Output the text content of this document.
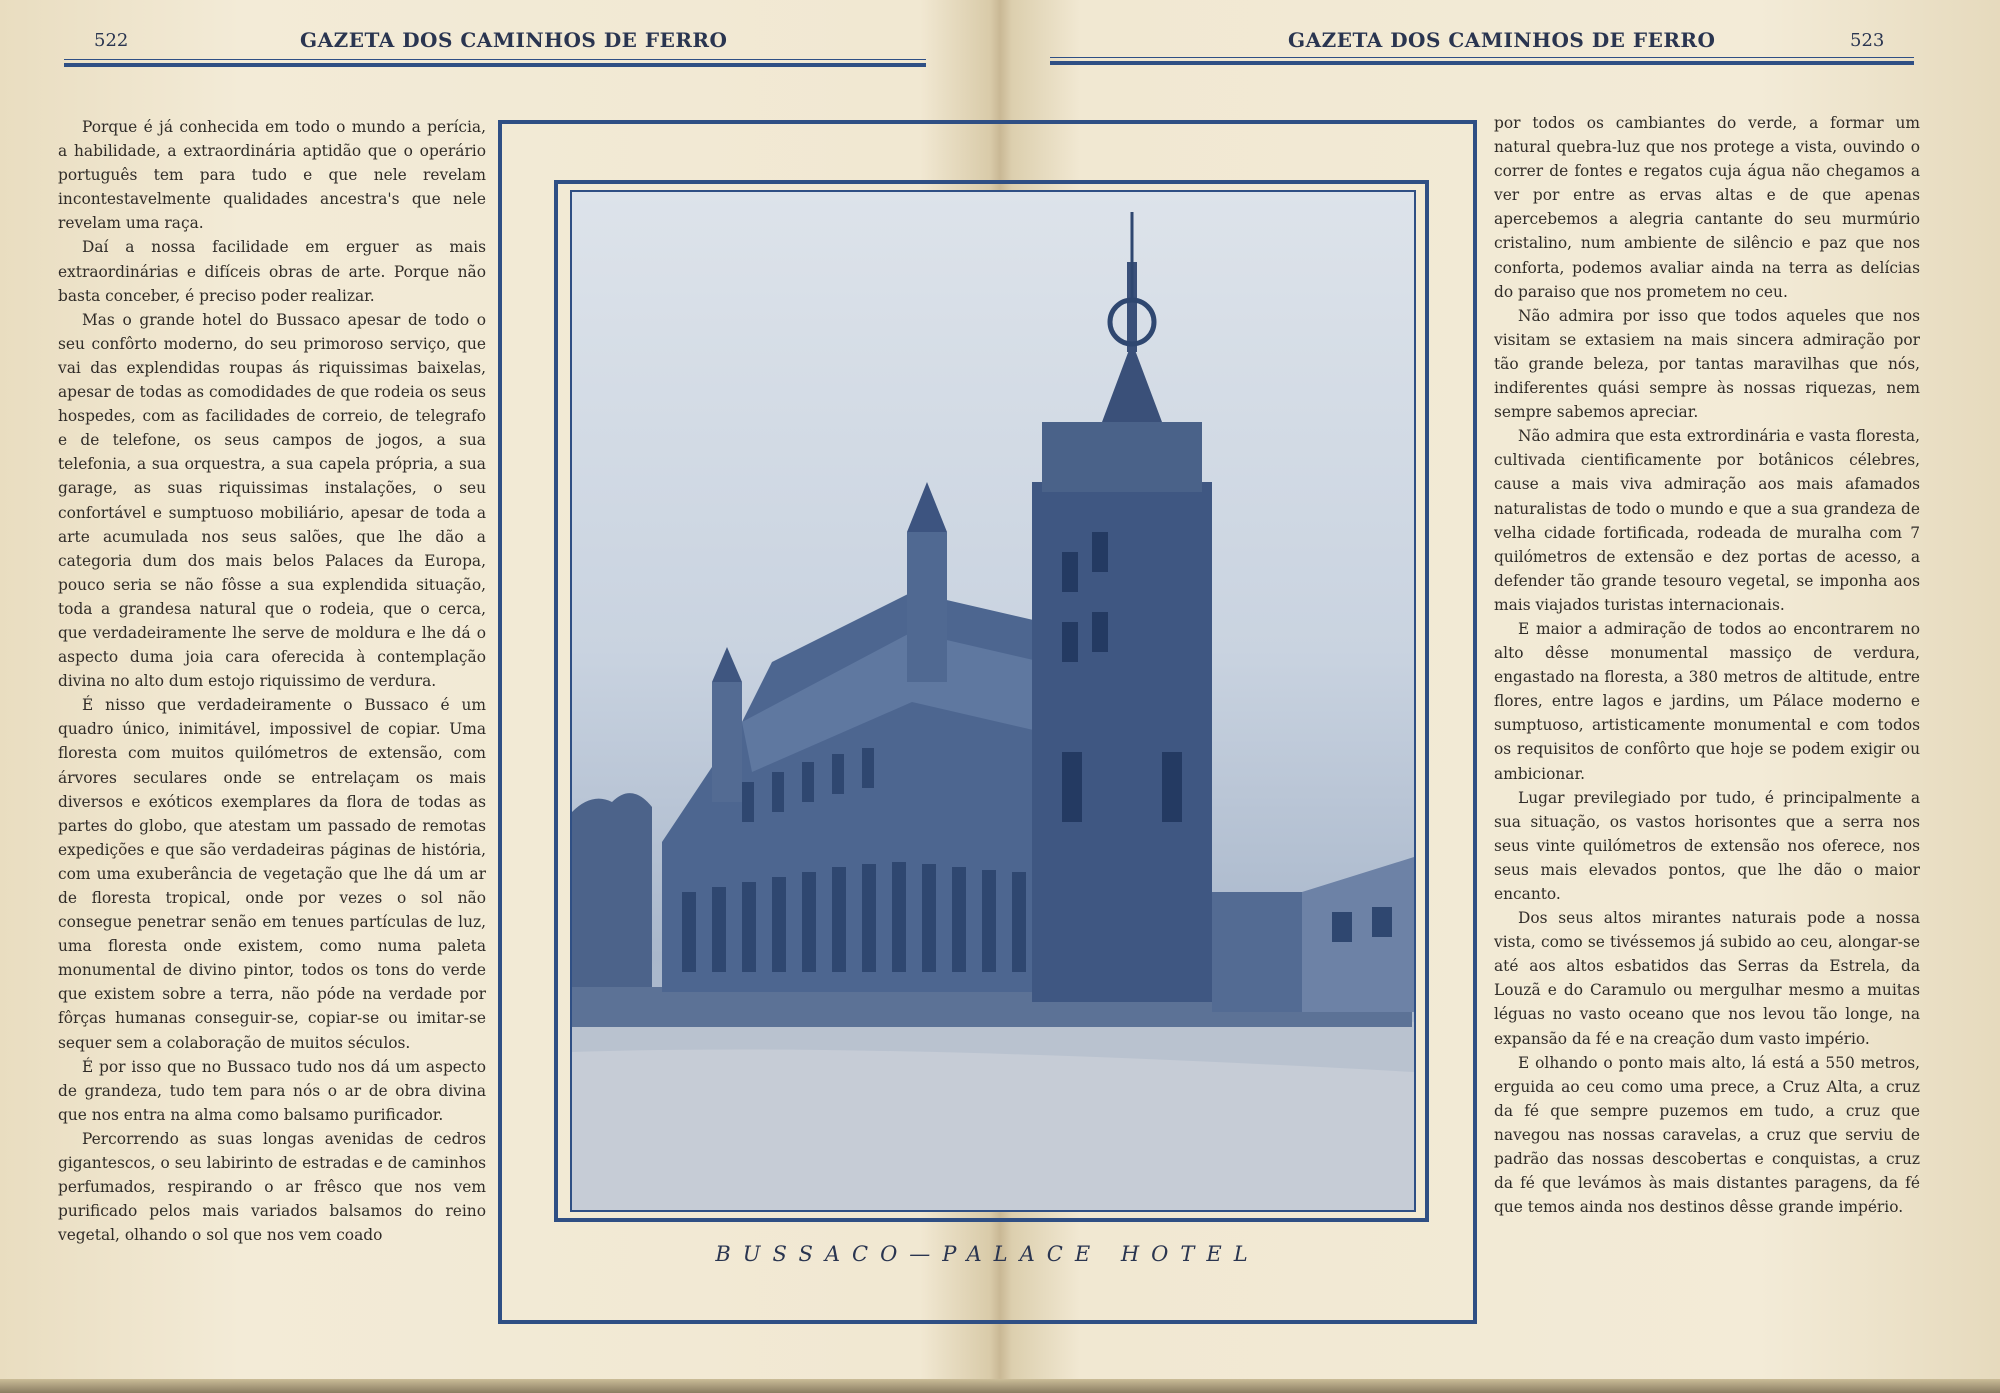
522	GAZETA DOS CAMINHOS DE FERRO	GAZETA DOS CAMINHOS DE FERRO	523

Porque é já conhecida em todo o mundo a perícia, a habilidade, a extraordinária aptidão que o operário português tem para tudo e que nele revelam incontestavelmente qualidades ancestra's que nele revelam uma raça.

Daí a nossa facilidade em erguer as mais extraordinárias e difíceis obras de arte. Porque não basta conceber, é preciso poder realizar.

Mas o grande hotel do Bussaco apesar de todo o seu confôrto moderno, do seu primoroso serviço, que vai das explendidas roupas ás riquissimas baixelas, apesar de todas as comodidades de que rodeia os seus hospedes, com as facilidades de correio, de telegrafo e de telefone, os seus campos de jogos, a sua telefonia, a sua orquestra, a sua capela própria, a sua garage, as suas riquissimas instalações, o seu confortável e sumptuoso mobiliário, apesar de toda a arte acumulada nos seus salões, que lhe dão a categoria dum dos mais belos Palaces da Europa, pouco seria se não fôsse a sua explendida situação, toda a grandesa natural que o rodeia, que o cerca, que verdadeiramente lhe serve de moldura e lhe dá o aspecto duma joia cara oferecida à contemplação divina no alto dum estojo riquissimo de verdura.

É nisso que verdadeiramente o Bussaco é um quadro único, inimitável, impossivel de copiar. Uma floresta com muitos quilómetros de extensão, com árvores seculares onde se entrelaçam os mais diversos e exóticos exemplares da flora de todas as partes do globo, que atestam um passado de remotas expedições e que são verdadeiras páginas de história, com uma exuberância de vegetação que lhe dá um ar de floresta tropical, onde por vezes o sol não consegue penetrar senão em tenues partículas de luz, uma floresta onde existem, como numa paleta monumental de divino pintor, todos os tons do verde que existem sobre a terra, não póde na verdade por fôrças humanas conseguir-se, copiar-se ou imitar-se sequer sem a colaboração de muitos séculos.

É por isso que no Bussaco tudo nos dá um aspecto de grandeza, tudo tem para nós o ar de obra divina que nos entra na alma como balsamo purificador.

Percorrendo as suas longas avenidas de cedros gigantescos, o seu labirinto de estradas e de caminhos perfumados, respirando o ar frêsco que nos vem purificado pelos mais variados balsamos do reino vegetal, olhando o sol que nos vem coado

por todos os cambiantes do verde, a formar um natural quebra-luz que nos protege a vista, ouvindo o correr de fontes e regatos cuja água não chegamos a ver por entre as ervas altas e de que apenas apercebemos a alegria cantante do seu murmúrio cristalino, num ambiente de silêncio e paz que nos conforta, podemos avaliar ainda na terra as delícias do paraiso que nos prometem no ceu.

Não admira por isso que todos aqueles que nos visitam se extasiem na mais sincera admiração por tão grande beleza, por tantas maravilhas que nós, indiferentes quási sempre às nossas riquezas, nem sempre sabemos apreciar.

Não admira que esta extrordinária e vasta floresta, cultivada cientificamente por botânicos célebres, cause a mais viva admiração aos mais afamados naturalistas de todo o mundo e que a sua grandeza de velha cidade fortificada, rodeada de muralha com 7 quilómetros de extensão e dez portas de acesso, a defender tão grande tesouro vegetal, se imponha aos mais viajados turistas internacionais.

E maior a admiração de todos ao encontrarem no alto dêsse monumental massiço de verdura, engastado na floresta, a 380 metros de altitude, entre flores, entre lagos e jardins, um Pálace moderno e sumptuoso, artisticamente monumental e com todos os requisitos de confôrto que hoje se podem exigir ou ambicionar.

Lugar previlegiado por tudo, é principalmente a sua situação, os vastos horisontes que a serra nos seus vinte quilómetros de extensão nos oferece, nos seus mais elevados pontos, que lhe dão o maior encanto.

Dos seus altos mirantes naturais pode a nossa vista, como se tivéssemos já subido ao ceu, alongar-se até aos altos esbatidos das Serras da Estrela, da Louzã e do Caramulo ou mergulhar mesmo a muitas léguas no vasto oceano que nos levou tão longe, na expansão da fé e na creação dum vasto império.

E olhando o ponto mais alto, lá está a 550 metros, erguida ao ceu como uma prece, a Cruz Alta, a cruz da fé que sempre puzemos em tudo, a cruz que navegou nas nossas caravelas, a cruz que serviu de padrão das nossas descobertas e conquistas, a cruz da fé que levámos às mais distantes paragens, da fé que temos ainda nos destinos dêsse grande império.

BUSSACO—PALACE HOTEL
